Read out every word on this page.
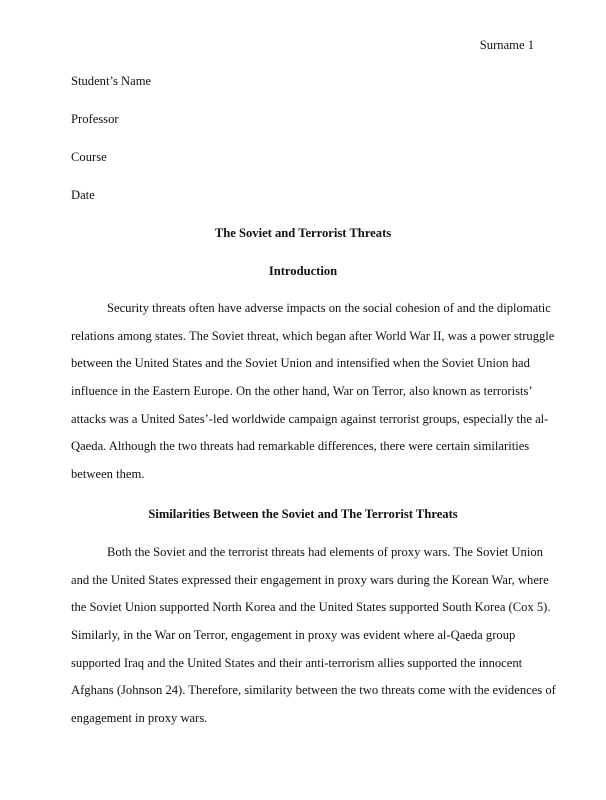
Surname 1
Student’s Name
Professor
Course
Date
The Soviet and Terrorist Threats
Introduction
Security threats often have adverse impacts on the social cohesion of and the diplomatic
relations among states. The Soviet threat, which began after World War II, was a power struggle
between the United States and the Soviet Union and intensified when the Soviet Union had
influence in the Eastern Europe. On the other hand, War on Terror, also known as terrorists’
attacks was a United Sates’-led worldwide campaign against terrorist groups, especially the al-
Qaeda. Although the two threats had remarkable differences, there were certain similarities
between them.
Similarities Between the Soviet and The Terrorist Threats
Both the Soviet and the terrorist threats had elements of proxy wars. The Soviet Union
and the United States expressed their engagement in proxy wars during the Korean War, where
the Soviet Union supported North Korea and the United States supported South Korea (Cox 5).
Similarly, in the War on Terror, engagement in proxy was evident where al-Qaeda group
supported Iraq and the United States and their anti-terrorism allies supported the innocent
Afghans (Johnson 24). Therefore, similarity between the two threats come with the evidences of
engagement in proxy wars.
